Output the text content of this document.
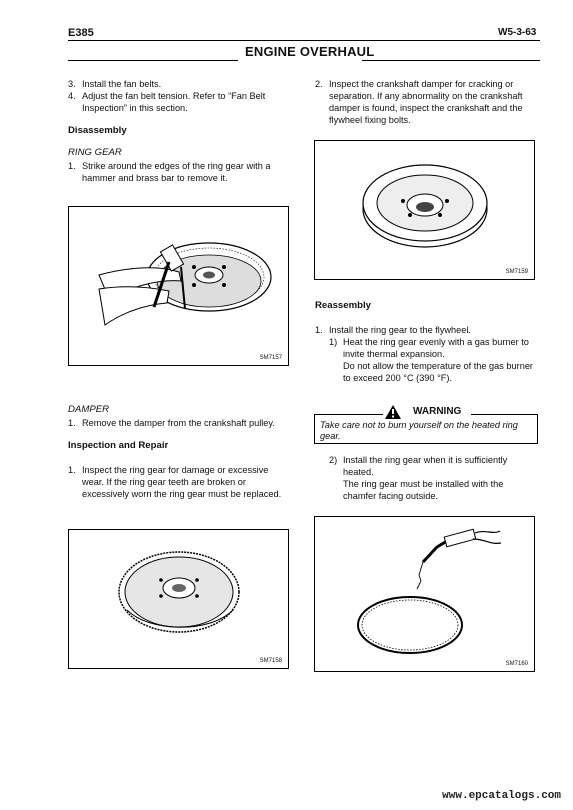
E385	W5-3-63
ENGINE OVERHAUL
3. Install the fan belts.
4. Adjust the fan belt tension. Refer to “Fan Belt Inspection” in this section.
Disassembly
RING GEAR
1. Strike around the edges of the ring gear with a hammer and brass bar to remove it.
SM7157
DAMPER
1. Remove the damper from the crankshaft pulley.
Inspection and Repair
1. Inspect the ring gear for damage or excessive wear. If the ring gear teeth are broken or excessively worn the ring gear must be replaced.
SM7158
2. Inspect the crankshaft damper for cracking or separation. If any abnormality on the crankshaft damper is found, inspect the crankshaft and the flywheel fixing bolts.
SM7159
Reassembly
1. Install the ring gear to the flywheel.
1) Heat the ring gear evenly with a gas burner to invite thermal expansion.
Do not allow the temperature of the gas burner to exceed 200 °C (390 °F).
WARNING
Take care not to burn yourself on the heated ring gear.
2) Install the ring gear when it is sufficiently heated.
The ring gear must be installed with the chamfer facing outside.
SM7160
www.epcatalogs.com
